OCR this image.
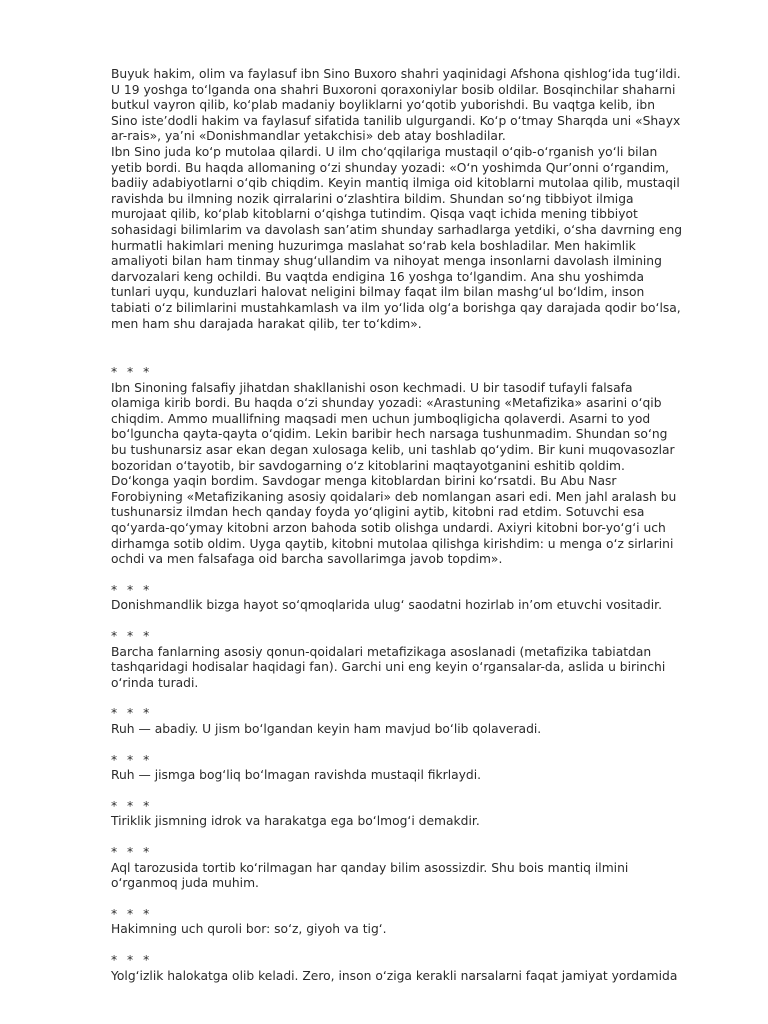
Buyuk hakim, olim va faylasuf ibn Sino Buxoro shahri yaqinidagi Afshona qishlog‘ida tug‘ildi.
U 19 yoshga to‘lganda ona shahri Buxoroni qoraxoniylar bosib oldilar. Bosqinchilar shaharni
butkul vayron qilib, ko‘plab madaniy boyliklarni yo‘qotib yuborishdi. Bu vaqtga kelib, ibn
Sino iste’dodli hakim va faylasuf sifatida tanilib ulgurgandi. Ko‘p o‘tmay Sharqda uni «Shayx
ar-rais», ya’ni «Donishmandlar yetakchisi» deb atay boshladilar.

Ibn Sino juda ko‘p mutolaa qilardi. U ilm cho‘qqilariga mustaqil o‘qib-o‘rganish yo‘li bilan
yetib bordi. Bu haqda allomaning o‘zi shunday yozadi: «O‘n yoshimda Qur’onni o‘rgandim,
badiiy adabiyotlarni o‘qib chiqdim. Keyin mantiq ilmiga oid kitoblarni mutolaa qilib, mustaqil
ravishda bu ilmning nozik qirralarini o‘zlashtira bildim. Shundan so‘ng tibbiyot ilmiga
murojaat qilib, ko‘plab kitoblarni o‘qishga tutindim. Qisqa vaqt ichida mening tibbiyot
sohasidagi bilimlarim va davolash san’atim shunday sarhadlarga yetdiki, o‘sha davrning eng
hurmatli hakimlari mening huzurimga maslahat so‘rab kela boshladilar. Men hakimlik
amaliyoti bilan ham tinmay shug‘ullandim va nihoyat menga insonlarni davolash ilmining
darvozalari keng ochildi. Bu vaqtda endigina 16 yoshga to‘lgandim. Ana shu yoshimda
tunlari uyqu, kunduzlari halovat neligini bilmay faqat ilm bilan mashg‘ul bo‘ldim, inson
tabiati o‘z bilimlarini mustahkamlash va ilm yo‘lida olg‘a borishga qay darajada qodir bo‘lsa,
men ham shu darajada harakat qilib, ter to‘kdim».

* * *

Ibn Sinoning falsafiy jihatdan shakllanishi oson kechmadi. U bir tasodif tufayli falsafa
olamiga kirib bordi. Bu haqda o‘zi shunday yozadi: «Arastuning «Metafizika» asarini o‘qib
chiqdim. Ammo muallifning maqsadi men uchun jumboqligicha qolaverdi. Asarni to yod
bo‘lguncha qayta-qayta o‘qidim. Lekin baribir hech narsaga tushunmadim. Shundan so‘ng
bu tushunarsiz asar ekan degan xulosaga kelib, uni tashlab qo‘ydim. Bir kuni muqovasozlar
bozoridan o‘tayotib, bir savdogarning o‘z kitoblarini maqtayotganini eshitib qoldim.
Do‘konga yaqin bordim. Savdogar menga kitoblardan birini ko‘rsatdi. Bu Abu Nasr
Forobiyning «Metafizikaning asosiy qoidalari» deb nomlangan asari edi. Men jahl aralash bu
tushunarsiz ilmdan hech qanday foyda yo‘qligini aytib, kitobni rad etdim. Sotuvchi esa
qo‘yarda-qo‘ymay kitobni arzon bahoda sotib olishga undardi. Axiyri kitobni bor-yo‘g‘i uch
dirhamga sotib oldim. Uyga qaytib, kitobni mutolaa qilishga kirishdim: u menga o‘z sirlarini
ochdi va men falsafaga oid barcha savollarimga javob topdim».

* * *

Donishmandlik bizga hayot so‘qmoqlarida ulug‘ saodatni hozirlab in’om etuvchi vositadir.

* * *

Barcha fanlarning asosiy qonun-qoidalari metafizikaga asoslanadi (metafizika tabiatdan
tashqaridagi hodisalar haqidagi fan). Garchi uni eng keyin o‘rgansalar-da, aslida u birinchi
o‘rinda turadi.

* * *

Ruh — abadiy. U jism bo‘lgandan keyin ham mavjud bo‘lib qolaveradi.

* * *

Ruh — jismga bog‘liq bo‘lmagan ravishda mustaqil fikrlaydi.

* * *

Tiriklik jismning idrok va harakatga ega bo‘lmog‘i demakdir.

* * *

Aql tarozusida tortib ko‘rilmagan har qanday bilim asossizdir. Shu bois mantiq ilmini
o‘rganmoq juda muhim.

* * *

Hakimning uch quroli bor: so‘z, giyoh va tig‘.

* * *

Yolg‘izlik halokatga olib keladi. Zero, inson o‘ziga kerakli narsalarni faqat jamiyat yordamida
